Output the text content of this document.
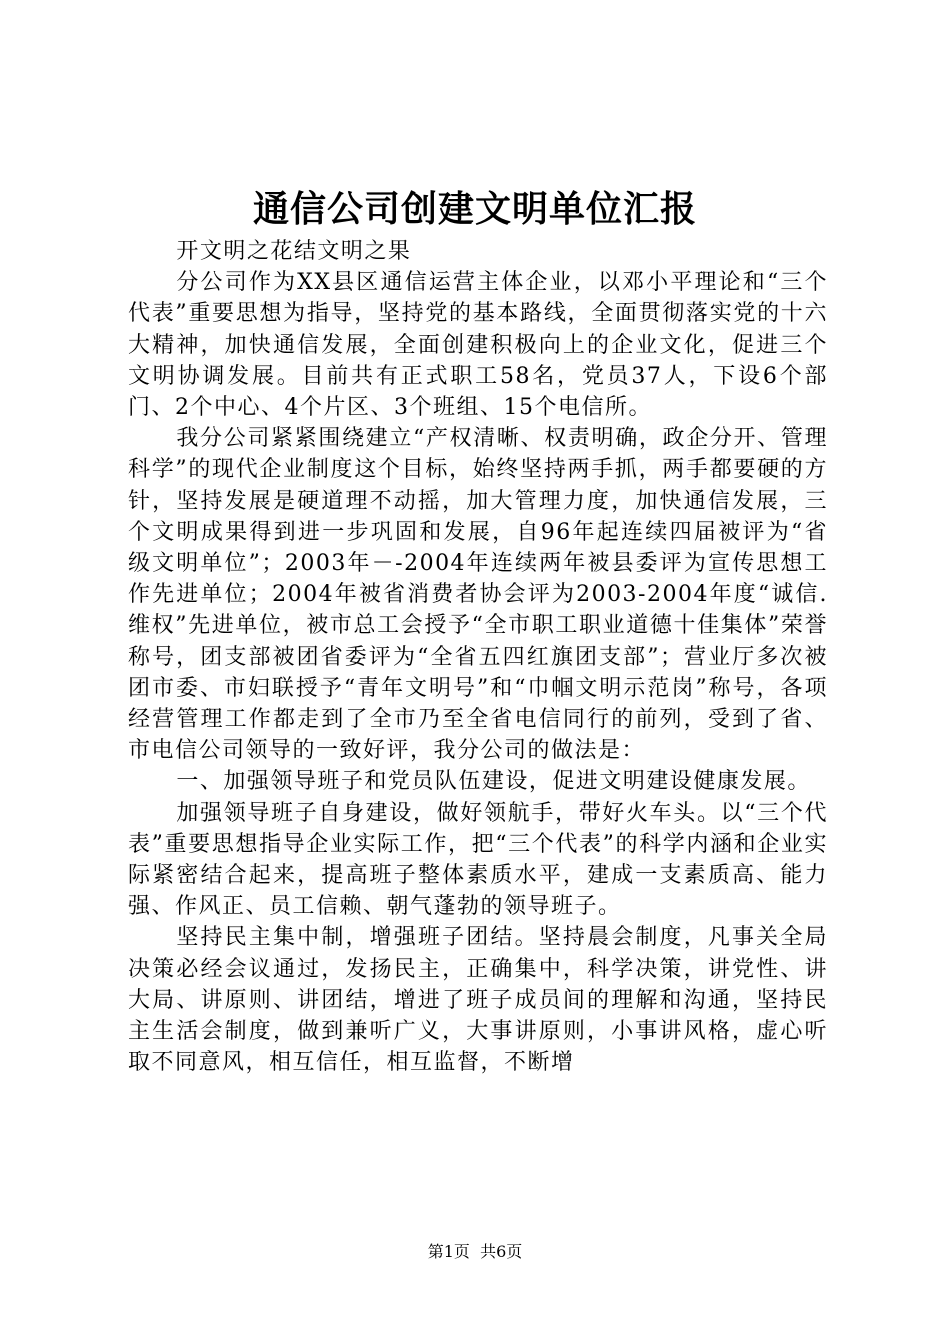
通信公司创建文明单位汇报

开文明之花结文明之果

分公司作为XX县区通信运营主体企业，以邓小平理论和“三个代表”重要思想为指导，坚持党的基本路线，全面贯彻落实党的十六大精神，加快通信发展，全面创建积极向上的企业文化，促进三个文明协调发展。目前共有正式职工58名，党员37人，下设6个部门、2个中心、4个片区、3个班组、15个电信所。

我分公司紧紧围绕建立“产权清晰、权责明确，政企分开、管理科学”的现代企业制度这个目标，始终坚持两手抓，两手都要硬的方针，坚持发展是硬道理不动摇，加大管理力度，加快通信发展，三个文明成果得到进一步巩固和发展，自96年起连续四届被评为“省级文明单位”；2003年－-2004年连续两年被县委评为宣传思想工作先进单位；2004年被省消费者协会评为2003-2004年度“诚信.维权”先进单位，被市总工会授予“全市职工职业道德十佳集体”荣誉称号，团支部被团省委评为“全省五四红旗团支部”；营业厅多次被团市委、市妇联授予“青年文明号”和“巾帼文明示范岗”称号，各项经营管理工作都走到了全市乃至全省电信同行的前列，受到了省、市电信公司领导的一致好评，我分公司的做法是：

一、加强领导班子和党员队伍建设，促进文明建设健康发展。

加强领导班子自身建设，做好领航手，带好火车头。以“三个代表”重要思想指导企业实际工作，把“三个代表”的科学内涵和企业实际紧密结合起来，提高班子整体素质水平，建成一支素质高、能力强、作风正、员工信赖、朝气蓬勃的领导班子。

坚持民主集中制，增强班子团结。坚持晨会制度，凡事关全局决策必经会议通过，发扬民主，正确集中，科学决策，讲党性、讲大局、讲原则、讲团结，增进了班子成员间的理解和沟通，坚持民主生活会制度，做到兼听广义，大事讲原则，小事讲风格，虚心听取不同意风，相互信任，相互监督，不断增

第1页 共6页
